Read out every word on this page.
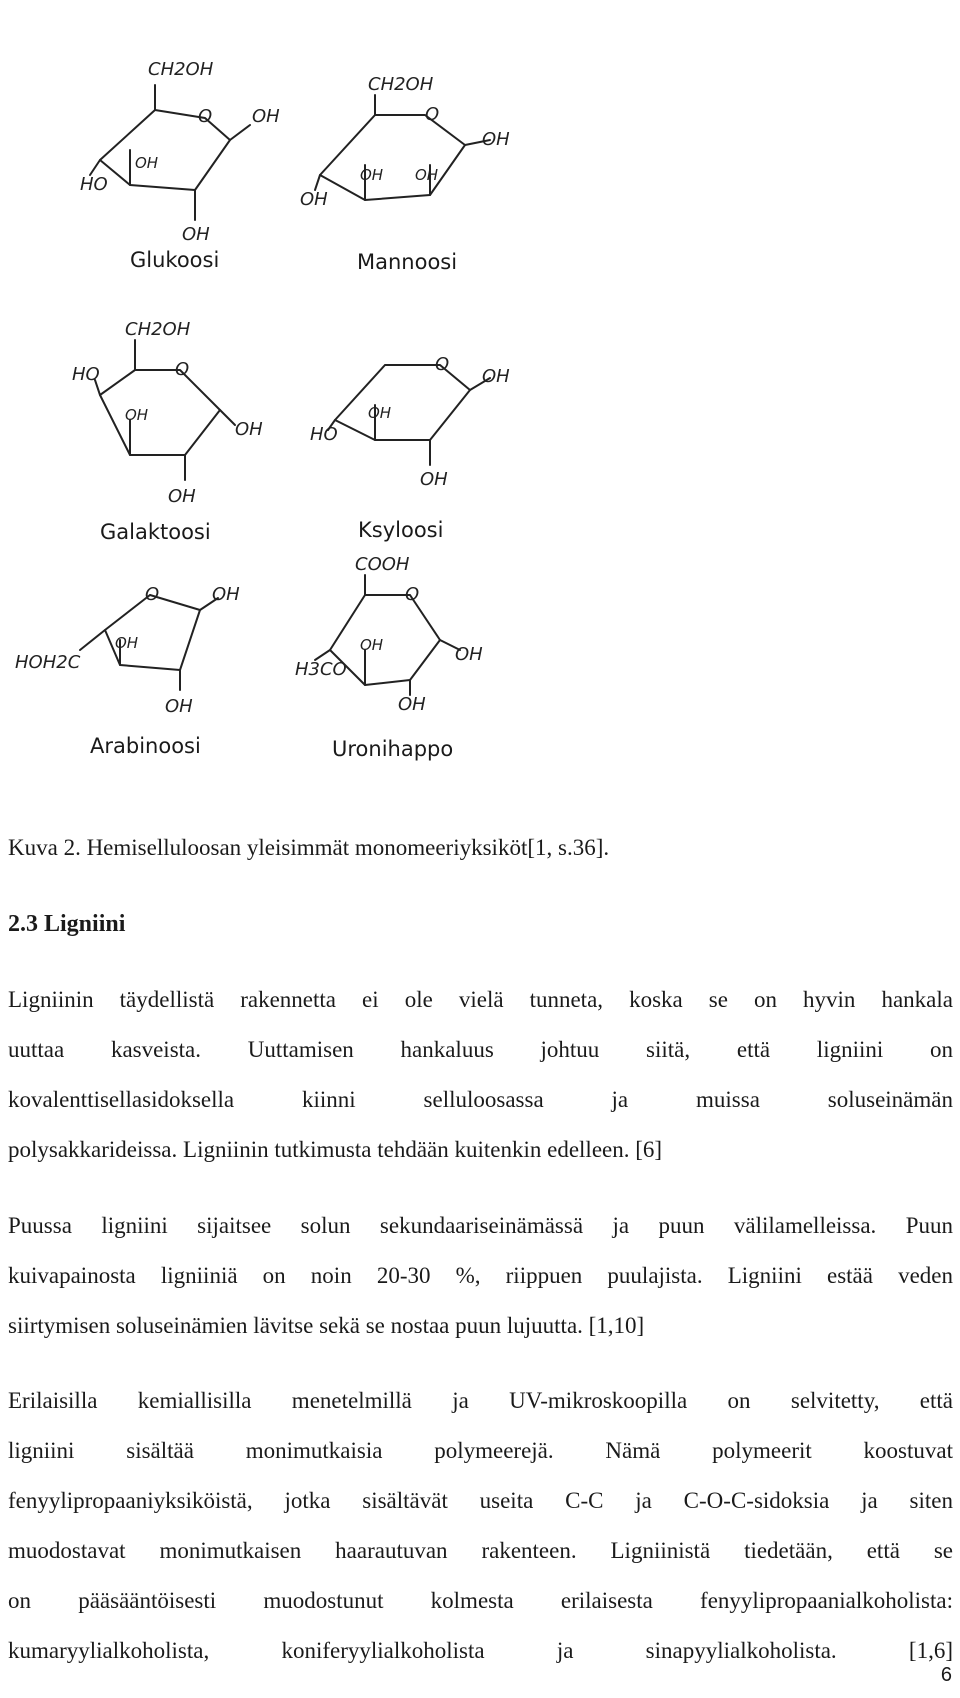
CH2OH
O OH
HO
OH
OH
CH2OH
O
OH
OH
OH OH
CH2OH
O
OH
HO
OH
OH
O
OH
HO
OH
OH
O	OH
HOH2C
OH
OH
COOH
O
OH
H3CO
OH
OH
Glukoosi	Mannoosi
Galaktoosi	Ksyloosi
Arabinoosi	Uronihappo
Kuva 2. Hemiselluloosan yleisimmät monomeeriyksiköt[1, s.36].
2.3 Ligniini
Ligniinin täydellistä rakennetta ei ole vielä tunneta, koska se on hyvin hankala
uuttaa kasveista. Uuttamisen hankaluus johtuu siitä, että ligniini on
kovalenttisellasidoksella kiinni selluloosassa ja muissa soluseinämän
polysakkarideissa. Ligniinin tutkimusta tehdään kuitenkin edelleen. [6]
Puussa ligniini sijaitsee solun sekundaariseinämässä ja puun välilamelleissa. Puun
kuivapainosta ligniiniä on noin 20-30 %, riippuen puulajista. Ligniini estää veden
siirtymisen soluseinämien lävitse sekä se nostaa puun lujuutta. [1,10]
Erilaisilla kemiallisilla menetelmillä ja UV-mikroskoopilla on selvitetty, että
ligniini sisältää monimutkaisia polymeerejä. Nämä polymeerit koostuvat
fenyylipropaaniyksiköistä, jotka sisältävät useita C-C ja C-O-C-sidoksia ja siten
muodostavat monimutkaisen haarautuvan rakenteen. Ligniinistä tiedetään, että se
on pääsääntöisesti muodostunut kolmesta erilaisesta fenyylipropaanialkoholista:
kumaryylialkoholista, koniferyylialkoholista ja sinapyylialkoholista. [1,6]
6
